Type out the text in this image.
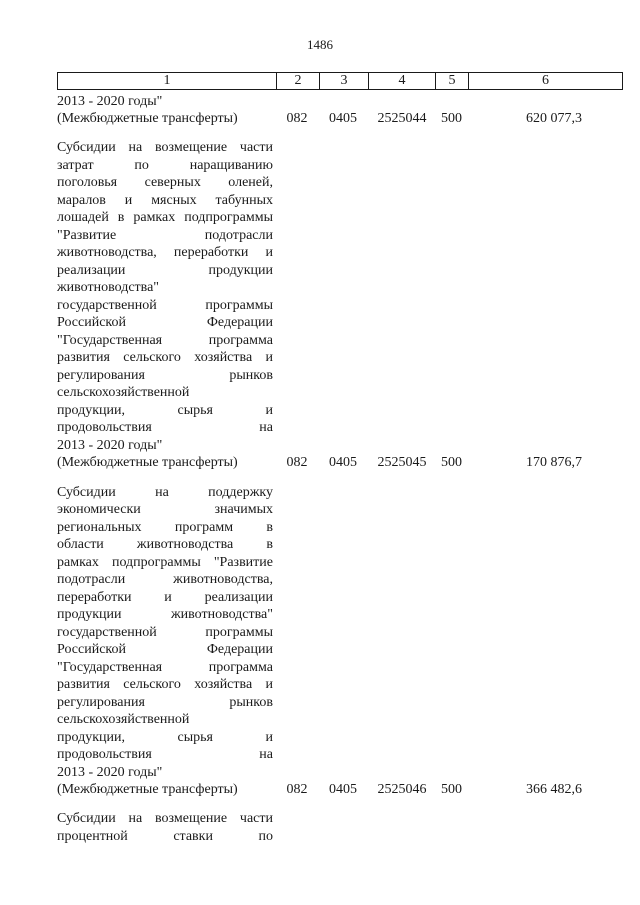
1486
1	2	3	4	5	6
2013 - 2020 годы"
(Межбюджетные трансферты)	082	0405	2525044	500	620 077,3
Субсидии на возмещение части
затрат по наращиванию
поголовья северных оленей,
маралов и мясных табунных
лошадей в рамках подпрограммы
"Развитие подотрасли
животноводства, переработки и
реализации продукции
животноводства"
государственной программы
Российской Федерации
"Государственная программа
развития сельского хозяйства и
регулирования рынков
сельскохозяйственной
продукции, сырья и
продовольствия на
2013 - 2020 годы"
(Межбюджетные трансферты)	082	0405	2525045	500	170 876,7
Субсидии на поддержку
экономически значимых
региональных программ в
области животноводства в
рамках подпрограммы "Развитие
подотрасли животноводства,
переработки и реализации
продукции животноводства"
государственной программы
Российской Федерации
"Государственная программа
развития сельского хозяйства и
регулирования рынков
сельскохозяйственной
продукции, сырья и
продовольствия на
2013 - 2020 годы"
(Межбюджетные трансферты)	082	0405	2525046	500	366 482,6
Субсидии на возмещение части
процентной ставки по
